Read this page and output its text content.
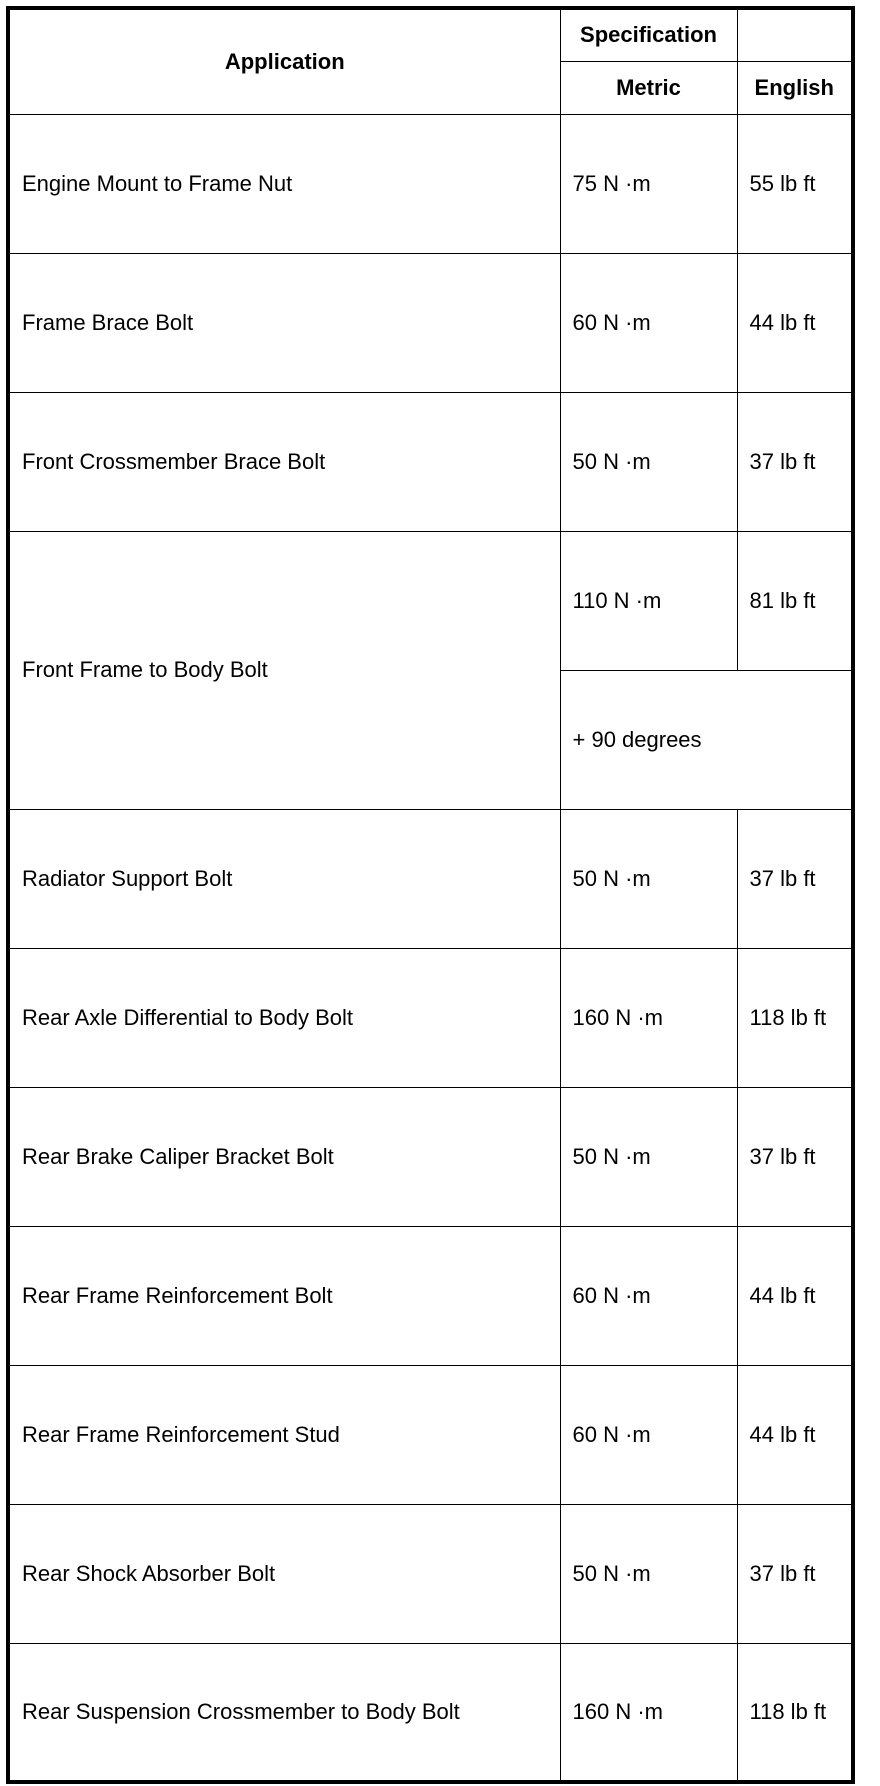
Application	Specification	
	Metric	English
Engine Mount to Frame Nut	75 N ·m	55 lb ft
Frame Brace Bolt	60 N ·m	44 lb ft
Front Crossmember Brace Bolt	50 N ·m	37 lb ft
Front Frame to Body Bolt	110 N ·m	81 lb ft
	+ 90 degrees	
Radiator Support Bolt	50 N ·m	37 lb ft
Rear Axle Differential to Body Bolt	160 N ·m	118 lb ft
Rear Brake Caliper Bracket Bolt	50 N ·m	37 lb ft
Rear Frame Reinforcement Bolt	60 N ·m	44 lb ft
Rear Frame Reinforcement Stud	60 N ·m	44 lb ft
Rear Shock Absorber Bolt	50 N ·m	37 lb ft
Rear Suspension Crossmember to Body Bolt	160 N ·m	118 lb ft
